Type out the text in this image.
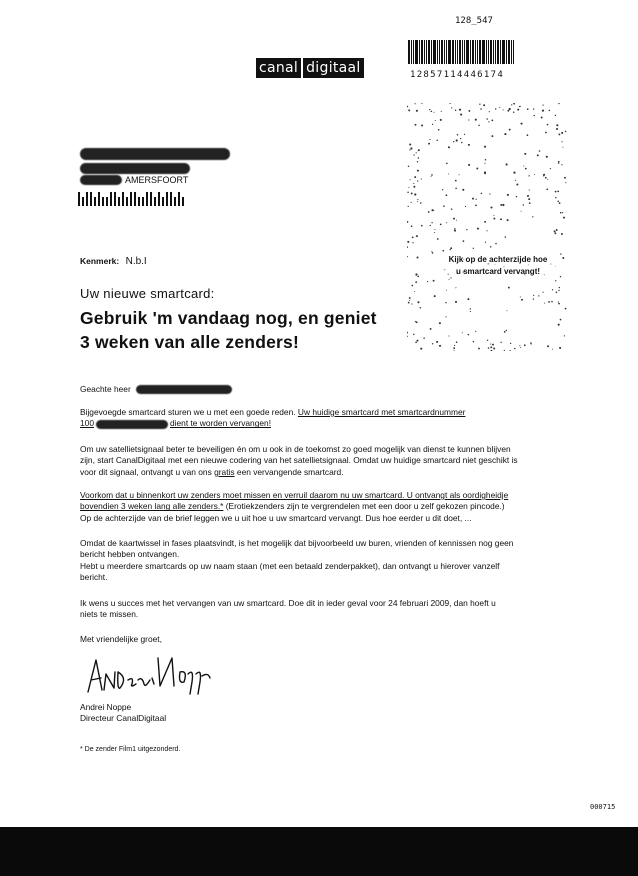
128_547
12857114446174
canal digitaal
Kijk op de achterzijde hoe
u smartcard vervangt!
AMERSFOORT
Kenmerk: N.b.I
Uw nieuwe smartcard:
Gebruik 'm vandaag nog, en geniet
3 weken van alle zenders!
Geachte heer

Bijgevoegde smartcard sturen we u met een goede reden. Uw huidige smartcard met smartcardnummer

100	dient te worden vervangen!

Om uw satellietsignaal beter te beveiligen én om u ook in de toekomst zo goed mogelijk van dienst te kunnen blijven

zijn, start CanalDigitaal met een nieuwe codering van het satellietsignaal. Omdat uw huidige smartcard niet geschikt is

voor dit signaal, ontvangt u van ons gratis een vervangende smartcard.

Voorkom dat u binnenkort uw zenders moet missen en verruil daarom nu uw smartcard. U ontvangt als oordigheidje

bovendien 3 weken lang alle zenders.* (Erotiekzenders zijn te vergrendelen met een door u zelf gekozen pincode.)

Op de achterzijde van de brief leggen we u uit hoe u uw smartcard vervangt. Dus hoe eerder u dit doet, ...

Omdat de kaartwissel in fases plaatsvindt, is het mogelijk dat bijvoorbeeld uw buren, vrienden of kennissen nog geen

bericht hebben ontvangen.

Hebt u meerdere smartcards op uw naam staan (met een betaald zenderpakket), dan ontvangt u hierover vanzelf

bericht.

Ik wens u succes met het vervangen van uw smartcard. Doe dit in ieder geval voor 24 februari 2009, dan hoeft u

niets te missen.

Met vriendelijke groet,

Andrei Noppe

Directeur CanalDigitaal

* De zender Film1 uitgezonderd.
000715
